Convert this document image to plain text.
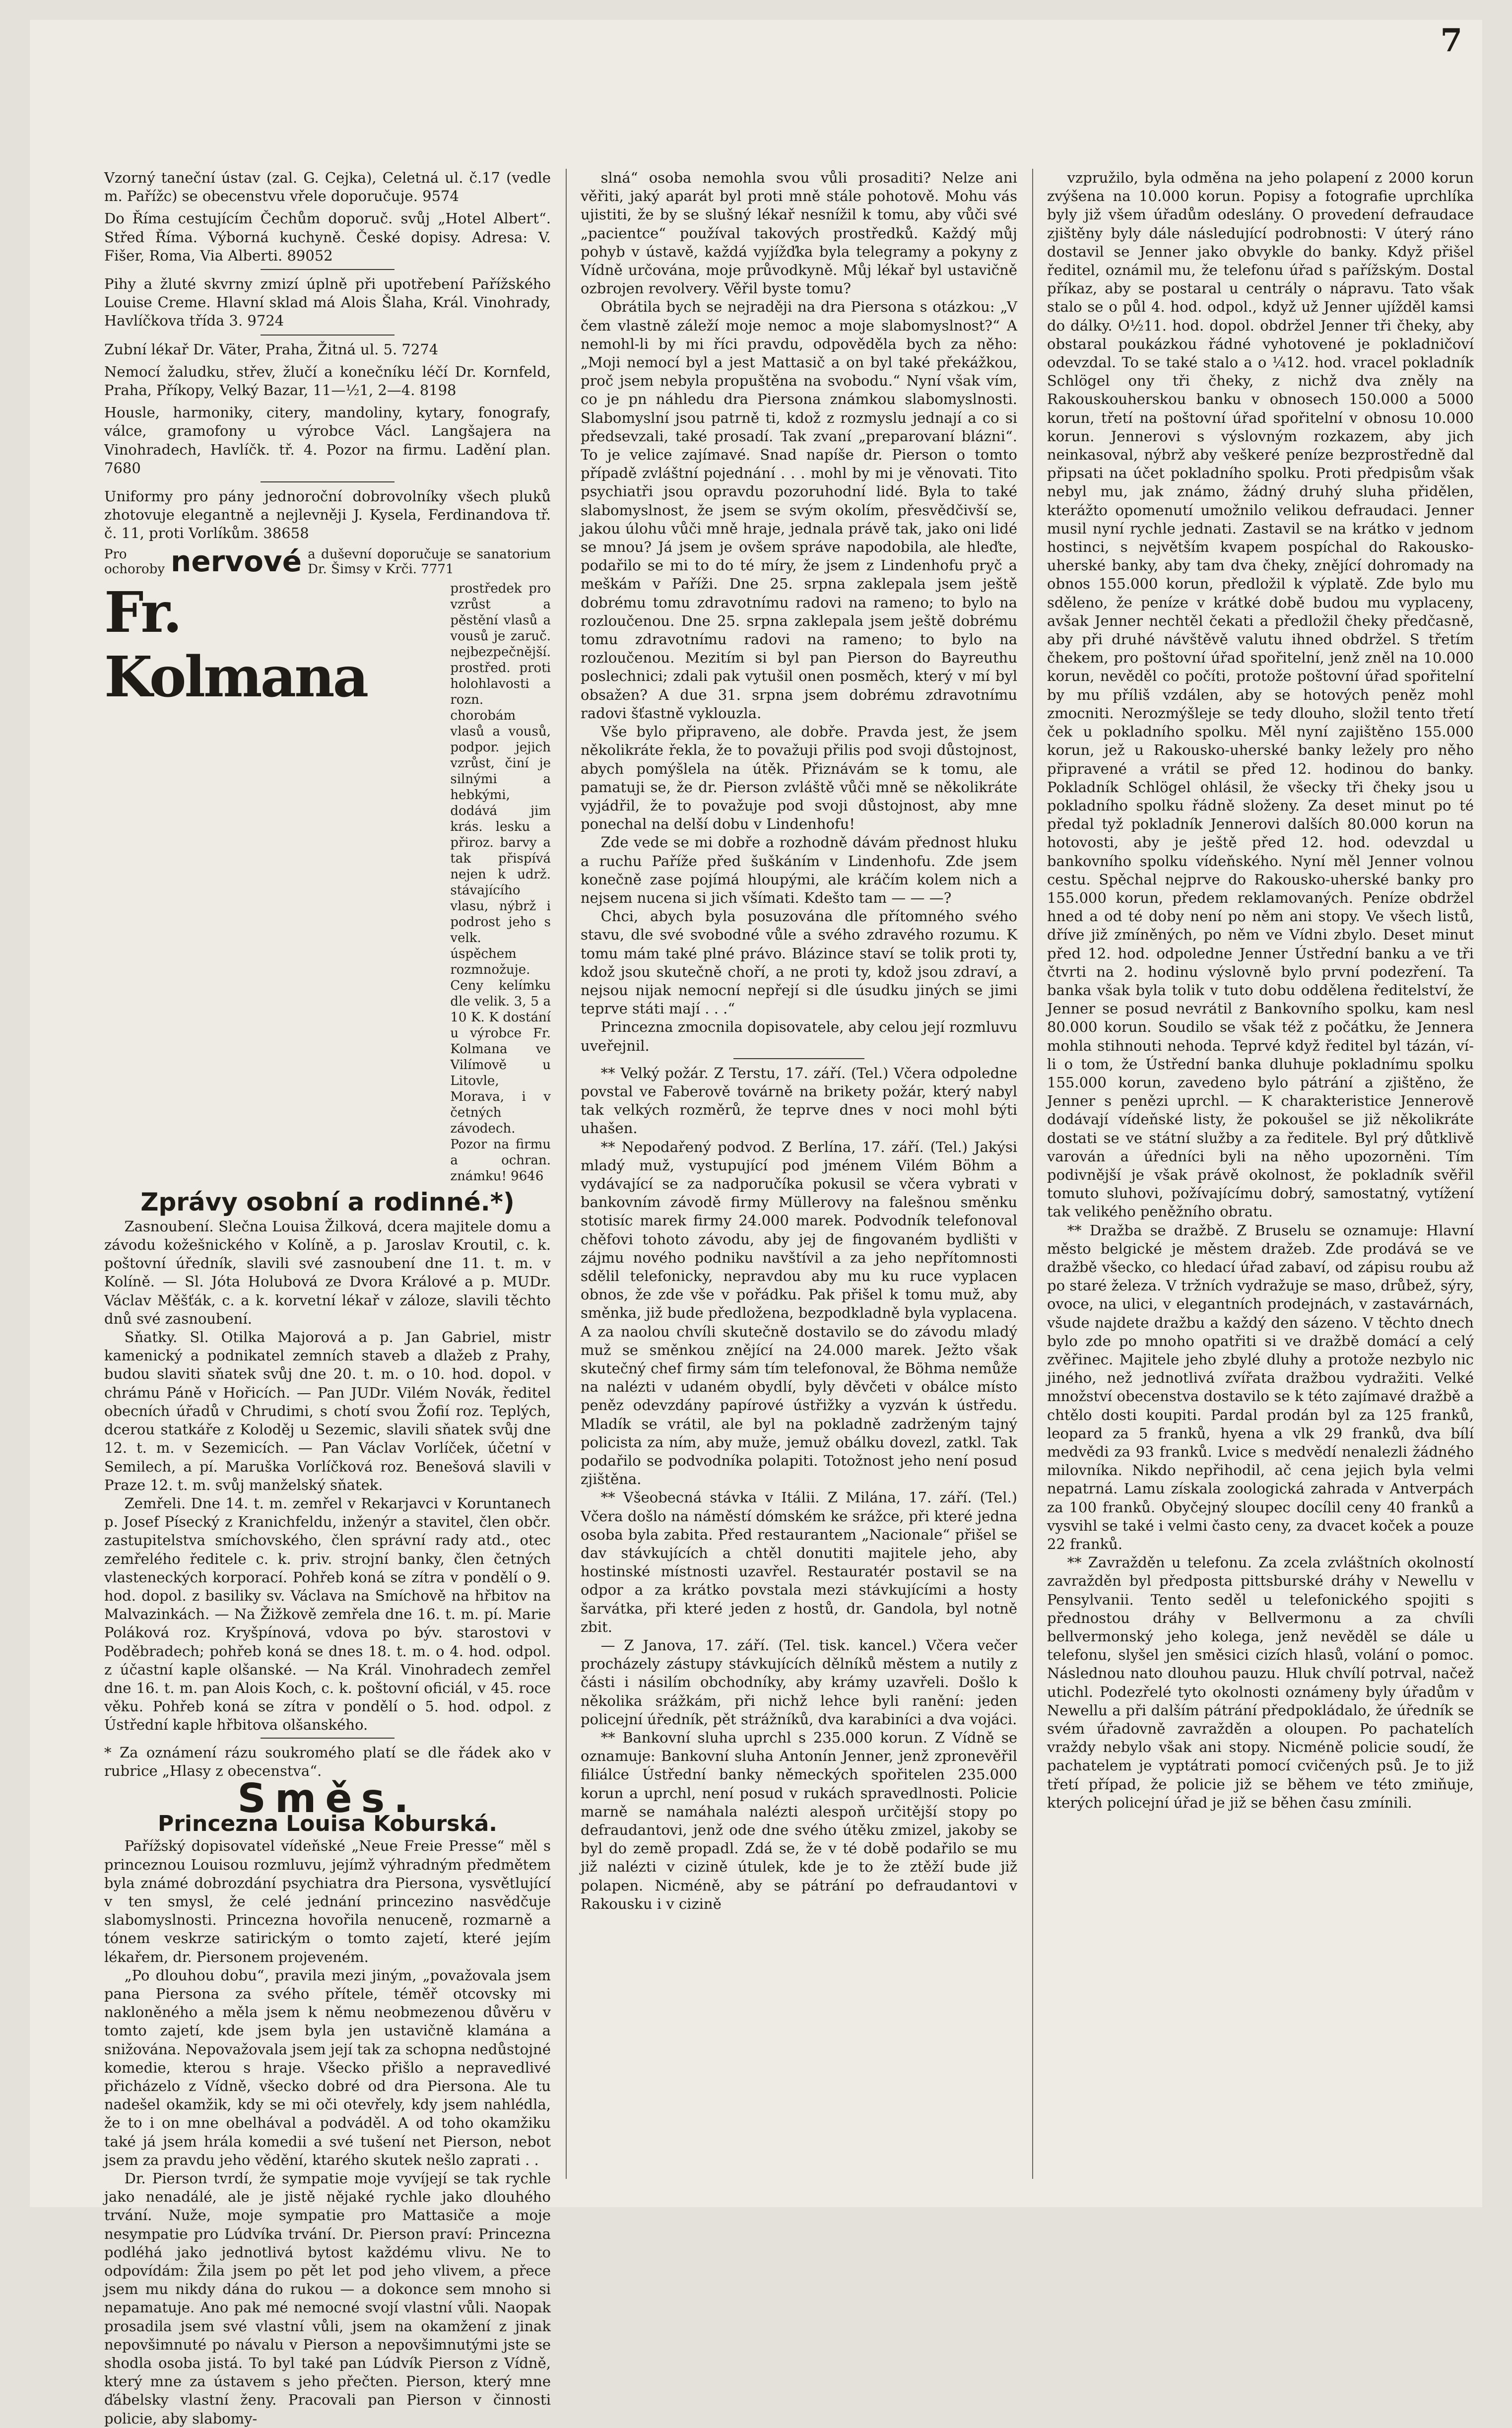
7

Vzorný taneční ústav (zal. G. Cejka), Celetná ul. č.17 (vedle m. Pařížc) se obecenstvu vřele doporučuje. 9574

Do Říma cestujícím Čechům doporuč. svůj „Hotel Albert“. Střed Říma. Výborná kuchyně. České dopisy. Adresa: V. Fišer, Roma, Via Alberti. 89052

Pihy a žluté skvrny zmizí úplně při upotřebení Pařížského Louise Creme. Hlavní sklad má Alois Šlaha, Král. Vinohrady, Havlíčkova třída 3. 9724

Zubní lékař Dr. Väter, Praha, Žitná ul. 5. 7274

Nemocí žaludku, střev, žlučí a konečníku léčí Dr. Kornfeld, Praha, Příkopy, Velký Bazar, 11—½1, 2—4. 8198

Housle, harmoniky, citery, mandoliny, kytary, fonografy, válce, gramofony u výrobce Václ. Langšajera na Vinohradech, Havlíčk. tř. 4. Pozor na firmu. Ladění plan. 7680

Uniformy pro pány jednoroční dobrovolníky všech pluků zhotovuje elegantně a nejlevněji J. Kysela, Ferdinandova tř. č. 11, proti Vorlíkům. 38658

Pro ochoroby nervové a duševní doporučuje se sanatorium Dr. Šimsy v Krči. 7771
Fr. Kolmana
prostředek pro vzrůst a pěstění vlasů a vousů je zaruč. nejbezpečnější. prostřed. proti holohlavosti a rozn. chorobám vlasů a vousů, podpor. jejich vzrůst, činí je silnými a hebkými, dodává jim krás. lesku a přiroz. barvy a tak přispívá nejen k udrž. stávajícího vlasu, nýbrž i podrost jeho s velk. úspěchem rozmnožuje. Ceny kelímku dle velik. 3, 5 a 10 K. K dostání u výrobce Fr. Kolmana ve Vilímově u Litovle, Morava, i v četných závodech. Pozor na firmu a ochran. známku! 9646
Zprávy osobní a rodinné.*)

Zasnoubení. Slečna Louisa Žilková, dcera majitele domu a závodu kožešnického v Kolíně, a p. Jaroslav Kroutil, c. k. poštovní úředník, slavili své zasnoubení dne 11. t. m. v Kolíně. — Sl. Jóta Holubová ze Dvora Králové a p. MUDr. Václav Měšťák, c. a k. korvetní lékař v záloze, slavili těchto dnů své zasnoubení.

Sňatky. Sl. Otilka Majorová a p. Jan Gabriel, mistr kamenický a podnikatel zemních staveb a dlažeb z Prahy, budou slaviti sňatek svůj dne 20. t. m. o 10. hod. dopol. v chrámu Páně v Hořicích. — Pan JUDr. Vilém Novák, ředitel obecních úřadů v Chrudimi, s chotí svou Žofií roz. Teplých, dcerou statkáře z Koloděj u Sezemic, slavili sňatek svůj dne 12. t. m. v Sezemicích. — Pan Václav Vorlíček, účetní v Semilech, a pí. Maruška Vorlíčková roz. Benešová slavili v Praze 12. t. m. svůj manželský sňatek.

Zemřeli. Dne 14. t. m. zemřel v Rekarjavci v Koruntanech p. Josef Písecký z Kranichfeldu, inženýr a stavitel, člen občr. zastupitelstva smíchovského, člen správní rady atd., otec zemřelého ředitele c. k. priv. strojní banky, člen četných vlasteneckých korporací. Pohřeb koná se zítra v pondělí o 9. hod. dopol. z basiliky sv. Václava na Smíchově na hřbitov na Malvazinkách. — Na Žižkově zemřela dne 16. t. m. pí. Marie Poláková roz. Kryšpínová, vdova po býv. starostovi v Poděbradech; pohřeb koná se dnes 18. t. m. o 4. hod. odpol. z účastní kaple olšanské. — Na Král. Vinohradech zemřel dne 16. t. m. pan Alois Koch, c. k. poštovní oficiál, v 45. roce věku. Pohřeb koná se zítra v pondělí o 5. hod. odpol. z Ústřední kaple hřbitova olšanského.

* Za oznámení rázu soukromého platí se dle řádek ako v rubrice „Hlasy z obecenstva“.

Směs.
Princezna Louisa Koburská.

Pařížský dopisovatel vídeňské „Neue Freie Presse“ měl s princeznou Louisou rozmluvu, jejímž výhradným předmětem byla známé dobrozdání psychiatra dra Piersona, vysvětlující v ten smysl, že celé jednání princezino nasvědčuje slabomyslnosti. Princezna hovořila nenuceně, rozmarně a tónem veskrze satirickým o tomto zajetí, které jejím lékařem, dr. Piersonem projeveném.

„Po dlouhou dobu“, pravila mezi jiným, „považovala jsem pana Piersona za svého přítele, téměř otcovsky mi nakloněného a měla jsem k němu neobmezenou důvěru v tomto zajetí, kde jsem byla jen ustavičně klamána a snižována. Nepovažovala jsem její tak za schopna nedůstojné komedie, kterou s hraje. Všecko přišlo a nepravedlivé přicházelo z Vídně, všecko dobré od dra Piersona. Ale tu nadešel okamžik, kdy se mi oči otevřely, kdy jsem nahlédla, že to i on mne obelhával a podváděl. A od toho okamžiku také já jsem hrála komedii a své tušení net Pierson, nebot jsem za pravdu jeho vědění, ktarého skutek nešlo zaprati . .

Dr. Pierson tvrdí, že sympatie moje vyvíjejí se tak rychle jako nenadálé, ale je jistě nějaké rychle jako dlouhého trvání. Nuže, moje sympatie pro Mattasiče a moje nesympatie pro Lúdvíka trvání. Dr. Pierson praví: Princezna podléhá jako jednotlivá bytost každému vlivu. Ne to odpovídám: Žila jsem po pět let pod jeho vlivem, a přece jsem mu nikdy dána do rukou — a dokonce sem mnoho si nepamatuje. Ano pak mé nemocné svojí vlastní vůli. Naopak prosadila jsem své vlastní vůli, jsem na okamžení z jinak nepovšimnuté po návalu v Pierson a nepovšimnutými jste se shodla osoba jistá. To byl také pan Lúdvík Pierson z Vídně, který mne za ústavem s jeho přečten. Pierson, který mne ďábelsky vlastní ženy. Pracovali pan Pierson v činnosti policie, aby slabomy-

slná“ osoba nemohla svou vůli prosaditi? Nelze ani věřiti, jaký aparát byl proti mně stále pohotově. Mohu vás ujistiti, že by se slušný lékař nesnížil k tomu, aby vůči své „pacientce“ používal takových prostředků. Každý můj pohyb v ústavě, každá vyjížďka byla telegramy a pokyny z Vídně určována, moje průvodkyně. Můj lékař byl ustavičně ozbrojen revolvery. Věřil byste tomu?

Obrátila bych se nejraději na dra Piersona s otázkou: „V čem vlastně záleží moje nemoc a moje slabomyslnost?“ A nemohl-li by mi říci pravdu, odpověděla bych za něho: „Moji nemocí byl a jest Mattasič a on byl také překážkou, proč jsem nebyla propuštěna na svobodu.“ Nyní však vím, co je pn náhledu dra Piersona známkou slabomyslnosti. Slabomyslní jsou patrně ti, kdož z rozmyslu jednají a co si předsevzali, také prosadí. Tak zvaní „preparovaní blázni“. To je velice zajímavé. Snad napíše dr. Pierson o tomto případě zvláštní pojednání . . . mohl by mi je věnovati. Tito psychiatři jsou opravdu pozoruhodní lidé. Byla to také slabomyslnost, že jsem se svým okolím, přesvědčivší se, jakou úlohu vůči mně hraje, jednala právě tak, jako oni lidé se mnou? Já jsem je ovšem správe napodobila, ale hleďte, podařilo se mi to do té míry, že jsem z Lindenhofu pryč a meškám v Paříži. Dne 25. srpna zaklepala jsem ještě dobrému tomu zdravotnímu radovi na rameno; to bylo na rozloučenou. Dne 25. srpna zaklepala jsem ještě dobrému tomu zdravotnímu radovi na rameno; to bylo na rozloučenou. Mezitím si byl pan Pierson do Bayreuthu poslechnici; zdali pak vytušil onen posměch, který v mí byl obsažen? A due 31. srpna jsem dobrému zdravotnímu radovi šťastně vyklouzla.

Vše bylo připraveno, ale dobře. Pravda jest, že jsem několikráte řekla, že to považuji přilis pod svoji důstojnost, abych pomýšlela na útěk. Přiznávám se k tomu, ale pamatuji se, že dr. Pierson zvláště vůči mně se několikráte vyjádřil, že to považuje pod svoji důstojnost, aby mne ponechal na delší dobu v Lindenhofu!

Zde vede se mi dobře a rozhodně dávám přednost hluku a ruchu Paříže před šuškáním v Lindenhofu. Zde jsem konečně zase pojímá hloupými, ale kráčím kolem nich a nejsem nucena si jich všímati. Kdešto tam — — —?

Chci, abych byla posuzována dle přítomného svého stavu, dle své svobodné vůle a svého zdravého rozumu. K tomu mám také plné právo. Blázince staví se tolik proti ty, kdož jsou skutečně choří, a ne proti ty, kdož jsou zdraví, a nejsou nijak nemocní nepřejí si dle úsudku jiných se jimi teprve státi mají . . .“

Princezna zmocnila dopisovatele, aby celou její rozmluvu uveřejnil.

** Velký požár. Z Terstu, 17. září. (Tel.) Včera odpoledne povstal ve Faberově továrně na brikety požár, který nabyl tak velkých rozměrů, že teprve dnes v noci mohl býti uhašen.

** Nepodařený podvod. Z Berlína, 17. září. (Tel.) Jakýsi mladý muž, vystupující pod jménem Vilém Böhm a vydávající se za nadporučíka pokusil se včera vybrati v bankovním závodě firmy Müllerovy na falešnou směnku stotisíc marek firmy 24.000 marek. Podvodník telefonoval chěfovi tohoto závodu, aby jej de fingovaném bydlišti v zájmu nového podniku navštívil a za jeho nepřítomnosti sdělil telefonicky, nepravdou aby mu ku ruce vyplacen obnos, že zde vše v pořádku. Pak přišel k tomu muž, aby směnka, již bude předložena, bezpodkladně byla vyplacena. A za naolou chvíli skutečně dostavilo se do závodu mladý muž se směnkou znějící na 24.000 marek. Ježto však skutečný chef firmy sám tím telefonoval, že Böhma nemůže na nalézti v udaném obydlí, byly děvčeti v obálce místo peněz odevzdány papírové ústřižky a vyzván k ústředu. Mladík se vrátil, ale byl na pokladně zadrženým tajný policista za ním, aby muže, jemuž obálku dovezl, zatkl. Tak podařilo se podvodníka polapiti. Totožnost jeho není posud zjištěna.

** Všeobecná stávka v Itálii. Z Milána, 17. září. (Tel.) Včera došlo na náměstí dómském ke srážce, při které jedna osoba byla zabita. Před restaurantem „Nacionale“ přišel se dav stávkujících a chtěl donutiti majitele jeho, aby hostinské místnosti uzavřel. Restauratér postavil se na odpor a za krátko povstala mezi stávkujícími a hosty šarvátka, při které jeden z hostů, dr. Gandola, byl notně zbit.

— Z Janova, 17. září. (Tel. tisk. kancel.) Včera večer procházely zástupy stávkujících dělníků městem a nutily z části i násilím obchodníky, aby krámy uzavřeli. Došlo k několika srážkám, při nichž lehce byli ranění: jeden policejní úředník, pět strážníků, dva karabiníci a dva vojáci.

** Bankovní sluha uprchl s 235.000 korun. Z Vídně se oznamuje: Bankovní sluha Antonín Jenner, jenž zpronevěřil filiálce Ústřední banky německých spořitelen 235.000 korun a uprchl, není posud v rukách spravedlnosti. Policie marně se namáhala nalézti alespoň určitější stopy po defraudantovi, jenž ode dne svého útěku zmizel, jakoby se byl do země propadl. Zdá se, že v té době podařilo se mu již nalézti v cizině útulek, kde je to že ztěží bude již polapen. Nicméně, aby se pátrání po defraudantovi v Rakousku i v cizině

vzpružilo, byla odměna na jeho polapení z 2000 korun zvýšena na 10.000 korun. Popisy a fotografie uprchlíka byly již všem úřadům odeslány. O provedení defraudace zjištěny byly dále následující podrobnosti: V úterý ráno dostavil se Jenner jako obvykle do banky. Když přišel ředitel, oznámil mu, že telefonu úřad s pařížským. Dostal příkaz, aby se postaral u centrály o nápravu. Tato však stalo se o půl 4. hod. odpol., když už Jenner ujížděl kamsi do dálky. O½11. hod. dopol. obdržel Jenner tři čheky, aby obstaral poukázkou řádné vyhotovené je pokladničoví odevzdal. To se také stalo a o ¼12. hod. vracel pokladník Schlögel ony tři čheky, z nichž dva zněly na Rakouskouherskou banku v obnosech 150.000 a 5000 korun, třetí na poštovní úřad spořitelní v obnosu 10.000 korun. Jennerovi s výslovným rozkazem, aby jich neinkasoval, nýbrž aby veškeré peníze bezprostředně dal připsati na účet pokladního spolku. Proti předpisům však nebyl mu, jak známo, žádný druhý sluha přidělen, kterážto opomenutí umožnilo velikou defraudaci. Jenner musil nyní rychle jednati. Zastavil se na krátko v jednom hostinci, s největším kvapem pospíchal do Rakousko-uherské banky, aby tam dva čheky, znějící dohromady na obnos 155.000 korun, předložil k výplatě. Zde bylo mu sděleno, že peníze v krátké době budou mu vyplaceny, avšak Jenner nechtěl čekati a předložil čheky předčasně, aby při druhé návštěvě valutu ihned obdržel. S třetím čhekem, pro poštovní úřad spořitelní, jenž zněl na 10.000 korun, nevěděl co počíti, protože poštovní úřad spořitelní by mu příliš vzdálen, aby se hotových peněz mohl zmocniti. Nerozmýšleje se tedy dlouho, složil tento třetí ček u pokladního spolku. Měl nyní zajištěno 155.000 korun, jež u Rakousko-uherské banky ležely pro něho připravené a vrátil se před 12. hodinou do banky. Pokladník Schlögel ohlásil, že všecky tři čheky jsou u pokladního spolku řádně složeny. Za deset minut po té předal tyž pokladník Jennerovi dalších 80.000 korun na hotovosti, aby je ještě před 12. hod. odevzdal u bankovního spolku vídeňského. Nyní měl Jenner volnou cestu. Spěchal nejprve do Rakousko-uherské banky pro 155.000 korun, předem reklamovaných. Peníze obdržel hned a od té doby není po něm ani stopy. Ve všech listů, dříve již zmíněných, po něm ve Vídni zbylo. Deset minut před 12. hod. odpoledne Jenner Ústřední banku a ve tři čtvrti na 2. hodinu výslovně bylo první podezření. Ta banka však byla tolik v tuto dobu oddělena ředitelství, že Jenner se posud nevrátil z Bankovního spolku, kam nesl 80.000 korun. Soudilo se však též z počátku, že Jennera mohla stihnouti nehoda. Teprvé když ředitel byl tázán, ví-li o tom, že Ústřední banka dluhuje pokladnímu spolku 155.000 korun, zavedeno bylo pátrání a zjištěno, že Jenner s penězi uprchl. — K charakteristice Jennerově dodávají vídeňské listy, že pokoušel se již několikráte dostati se ve státní služby a za ředitele. Byl prý důtklivě varován a úředníci byli na něho upozorněni. Tím podivnější je však právě okolnost, že pokladník svěřil tomuto sluhovi, požívajícímu dobrý, samostatný, vytížení tak velikého peněžního obratu.

** Dražba se dražbě. Z Bruselu se oznamuje: Hlavní město belgické je městem dražeb. Zde prodává se ve dražbě všecko, co hledací úřad zabaví, od zápisu roubu až po staré železa. V tržních vydražuje se maso, drůbež, sýry, ovoce, na ulici, v elegantních prodejnách, v zastavárnách, všude najdete dražbu a každý den sázeno. V těchto dnech bylo zde po mnoho opatřiti si ve dražbě domácí a celý zvěřinec. Majitele jeho zbylé dluhy a protože nezbylo nic jiného, než jednotlivá zvířata dražbou vydražiti. Velké množství obecenstva dostavilo se k této zajímavé dražbě a chtělo dosti koupiti. Pardal prodán byl za 125 franků, leopard za 5 franků, hyena a vlk 29 franků, dva bílí medvědi za 93 franků. Lvice s medvědí nenalezli žádného milovníka. Nikdo nepřihodil, ač cena jejich byla velmi nepatrná. Lamu získala zoologická zahrada v Antverpách za 100 franků. Obyčejný sloupec docílil ceny 40 franků a vysvihl se také i velmi často ceny, za dvacet koček a pouze 22 franků.

** Zavražděn u telefonu. Za zcela zvláštních okolností zavražděn byl předposta pittsburské dráhy v Newellu v Pensylvanii. Tento seděl u telefonického spojiti s přednostou dráhy v Bellvermonu a za chvíli bellvermonský jeho kolega, jenž nevěděl se dále u telefonu, slyšel jen směsici cizích hlasů, volání o pomoc. Následnou nato dlouhou pauzu. Hluk chvílí potrval, načež utichl. Podezřelé tyto okolnosti oznámeny byly úřadům v Newellu a při dalším pátrání předpokládalo, že úředník se svém úřadovně zavražděn a oloupen. Po pachatelích vraždy nebylo však ani stopy. Nicméně policie soudí, že pachatelem je vyptátrati pomocí cvičených psů. Je to již třetí případ, že policie již se během ve této zmiňuje, kterých policejní úřad je již se běhen času zmínili.
